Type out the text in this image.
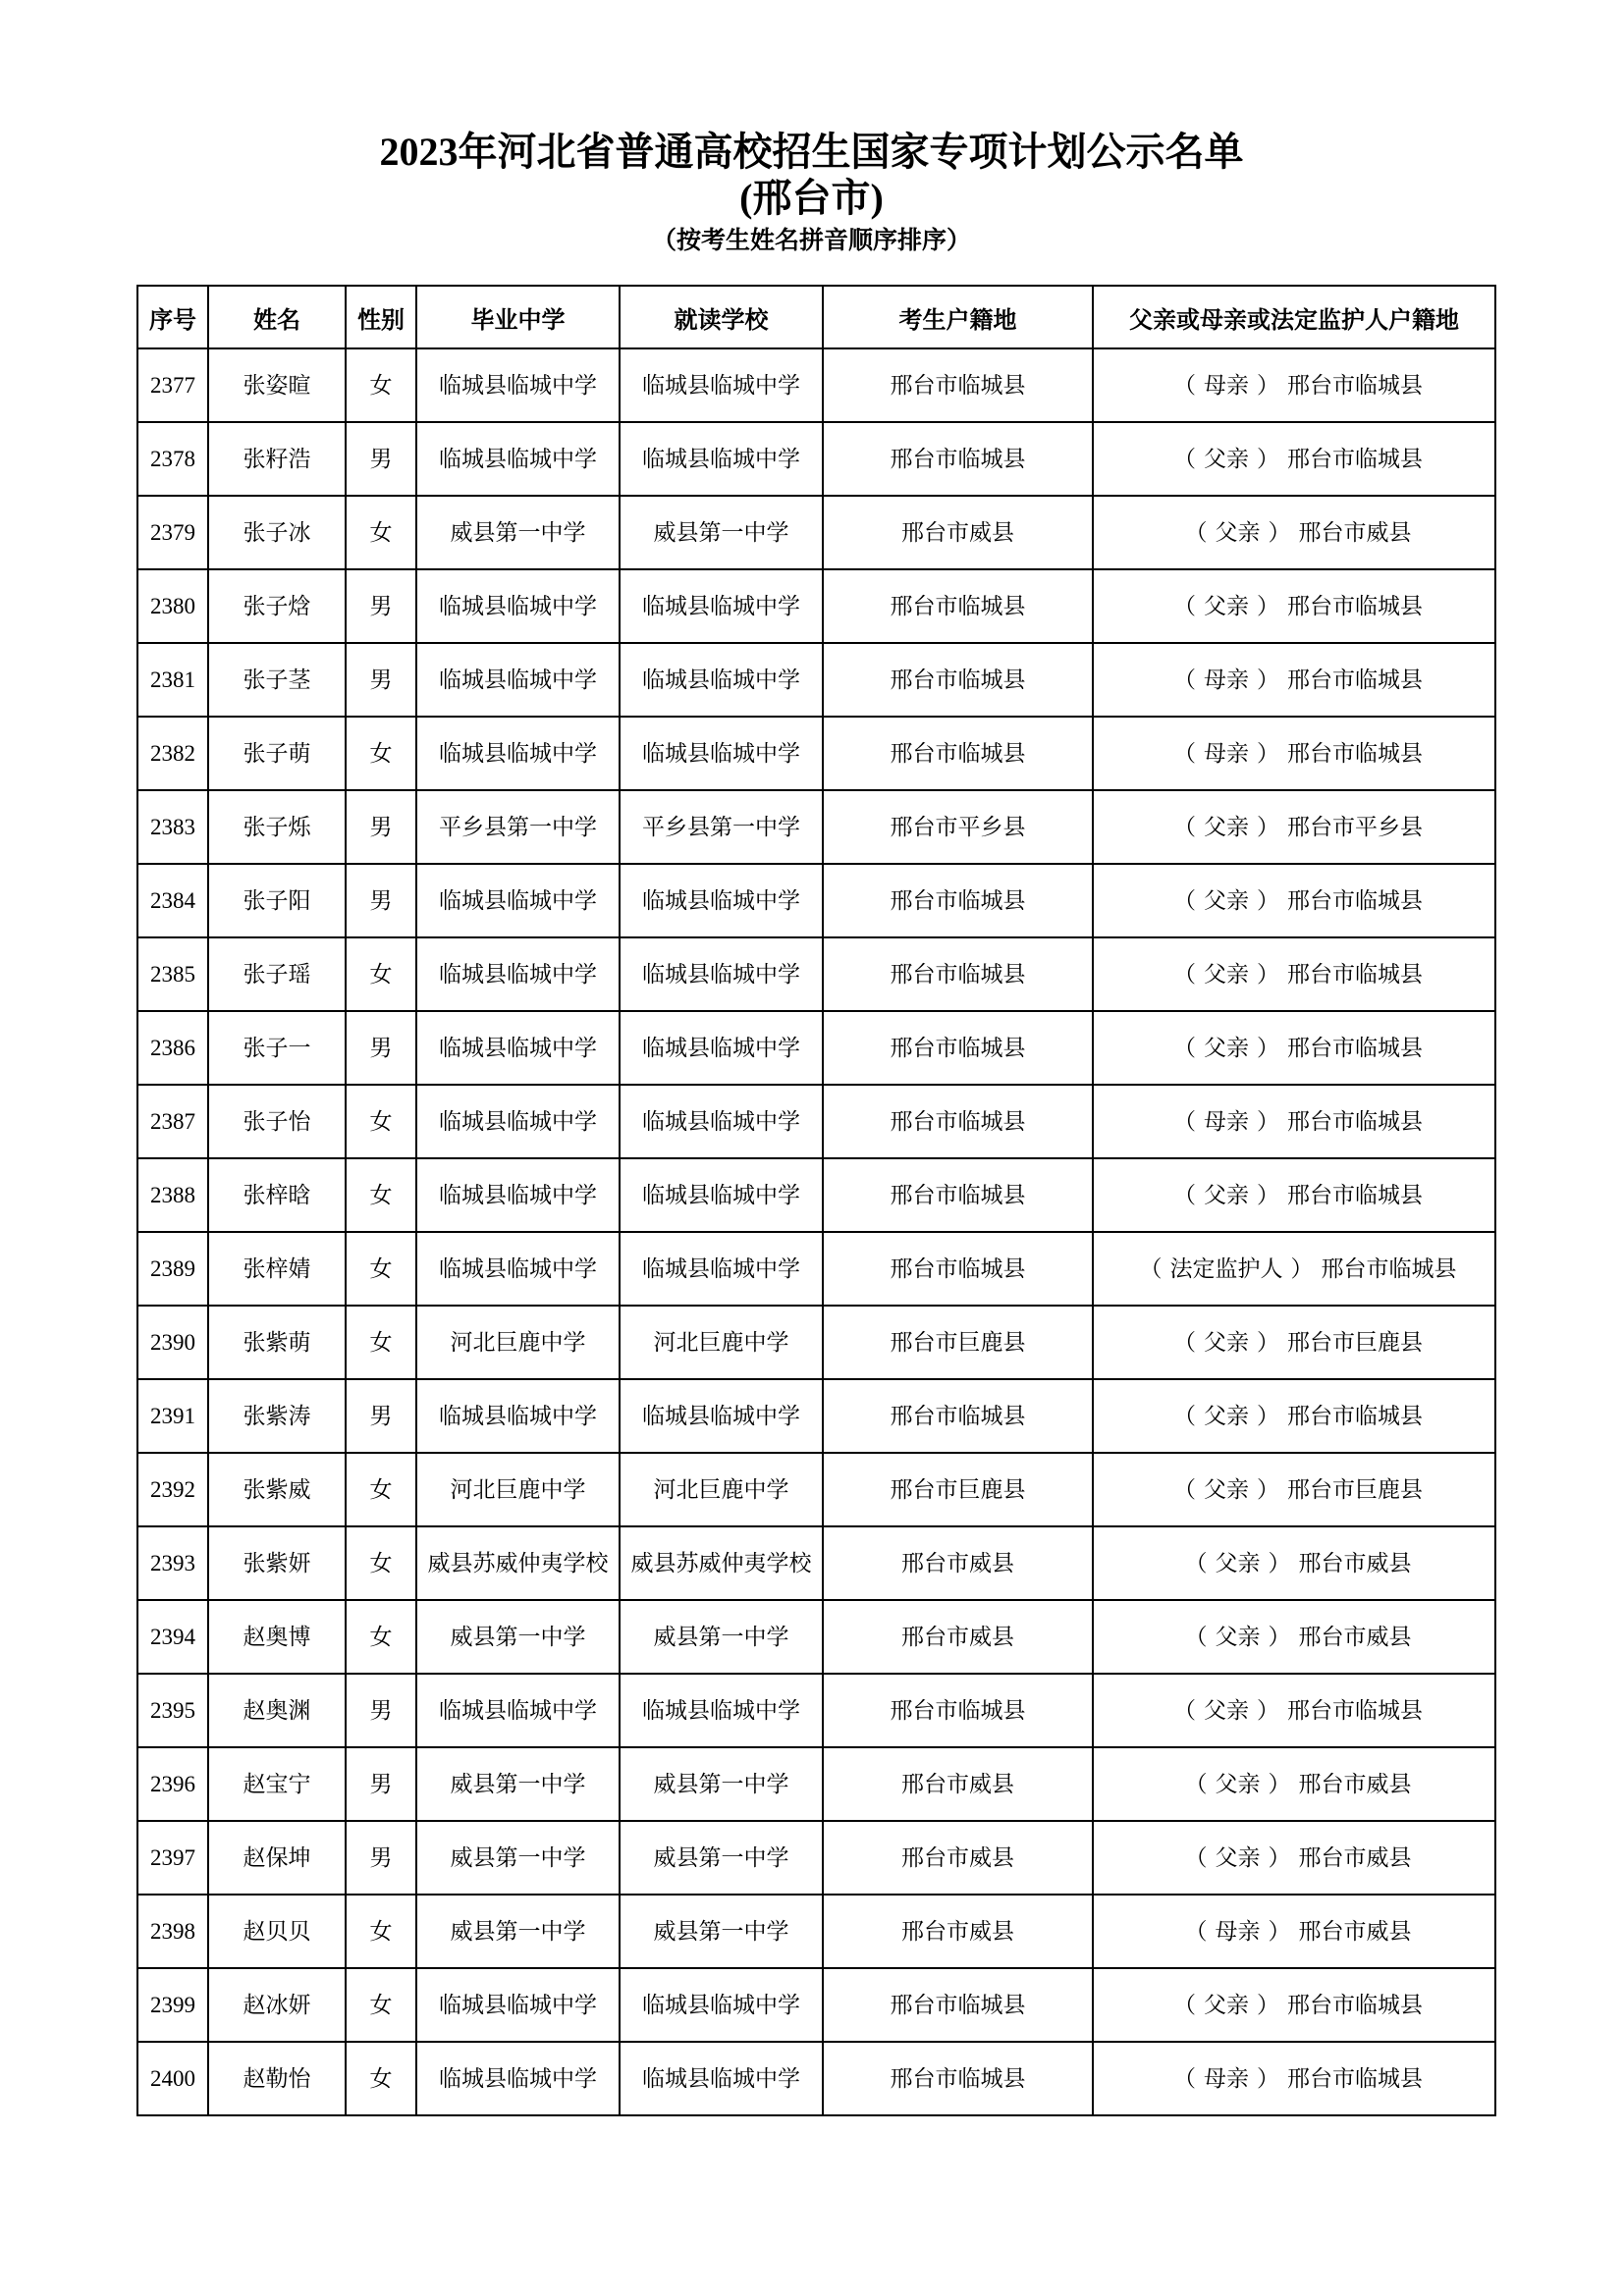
2023年河北省普通高校招生国家专项计划公示名单
(邢台市)
（按考生姓名拼音顺序排序）
序号	姓名	性别	毕业中学	就读学校	考生户籍地	父亲或母亲或法定监护人户籍地
2377	张姿暄	女	临城县临城中学	临城县临城中学	邢台市临城县	（ 母亲 ） 邢台市临城县
2378	张籽浩	男	临城县临城中学	临城县临城中学	邢台市临城县	（ 父亲 ） 邢台市临城县
2379	张子冰	女	威县第一中学	威县第一中学	邢台市威县	（ 父亲 ） 邢台市威县
2380	张子焓	男	临城县临城中学	临城县临城中学	邢台市临城县	（ 父亲 ） 邢台市临城县
2381	张子茎	男	临城县临城中学	临城县临城中学	邢台市临城县	（ 母亲 ） 邢台市临城县
2382	张子萌	女	临城县临城中学	临城县临城中学	邢台市临城县	（ 母亲 ） 邢台市临城县
2383	张子烁	男	平乡县第一中学	平乡县第一中学	邢台市平乡县	（ 父亲 ） 邢台市平乡县
2384	张子阳	男	临城县临城中学	临城县临城中学	邢台市临城县	（ 父亲 ） 邢台市临城县
2385	张子瑶	女	临城县临城中学	临城县临城中学	邢台市临城县	（ 父亲 ） 邢台市临城县
2386	张子一	男	临城县临城中学	临城县临城中学	邢台市临城县	（ 父亲 ） 邢台市临城县
2387	张子怡	女	临城县临城中学	临城县临城中学	邢台市临城县	（ 母亲 ） 邢台市临城县
2388	张梓晗	女	临城县临城中学	临城县临城中学	邢台市临城县	（ 父亲 ） 邢台市临城县
2389	张梓婧	女	临城县临城中学	临城县临城中学	邢台市临城县	（ 法定监护人 ） 邢台市临城县
2390	张紫萌	女	河北巨鹿中学	河北巨鹿中学	邢台市巨鹿县	（ 父亲 ） 邢台市巨鹿县
2391	张紫涛	男	临城县临城中学	临城县临城中学	邢台市临城县	（ 父亲 ） 邢台市临城县
2392	张紫威	女	河北巨鹿中学	河北巨鹿中学	邢台市巨鹿县	（ 父亲 ） 邢台市巨鹿县
2393	张紫妍	女	威县苏威仲夷学校	威县苏威仲夷学校	邢台市威县	（ 父亲 ） 邢台市威县
2394	赵奥博	女	威县第一中学	威县第一中学	邢台市威县	（ 父亲 ） 邢台市威县
2395	赵奥渊	男	临城县临城中学	临城县临城中学	邢台市临城县	（ 父亲 ） 邢台市临城县
2396	赵宝宁	男	威县第一中学	威县第一中学	邢台市威县	（ 父亲 ） 邢台市威县
2397	赵保坤	男	威县第一中学	威县第一中学	邢台市威县	（ 父亲 ） 邢台市威县
2398	赵贝贝	女	威县第一中学	威县第一中学	邢台市威县	（ 母亲 ） 邢台市威县
2399	赵冰妍	女	临城县临城中学	临城县临城中学	邢台市临城县	（ 父亲 ） 邢台市临城县
2400	赵勒怡	女	临城县临城中学	临城县临城中学	邢台市临城县	（ 母亲 ） 邢台市临城县
